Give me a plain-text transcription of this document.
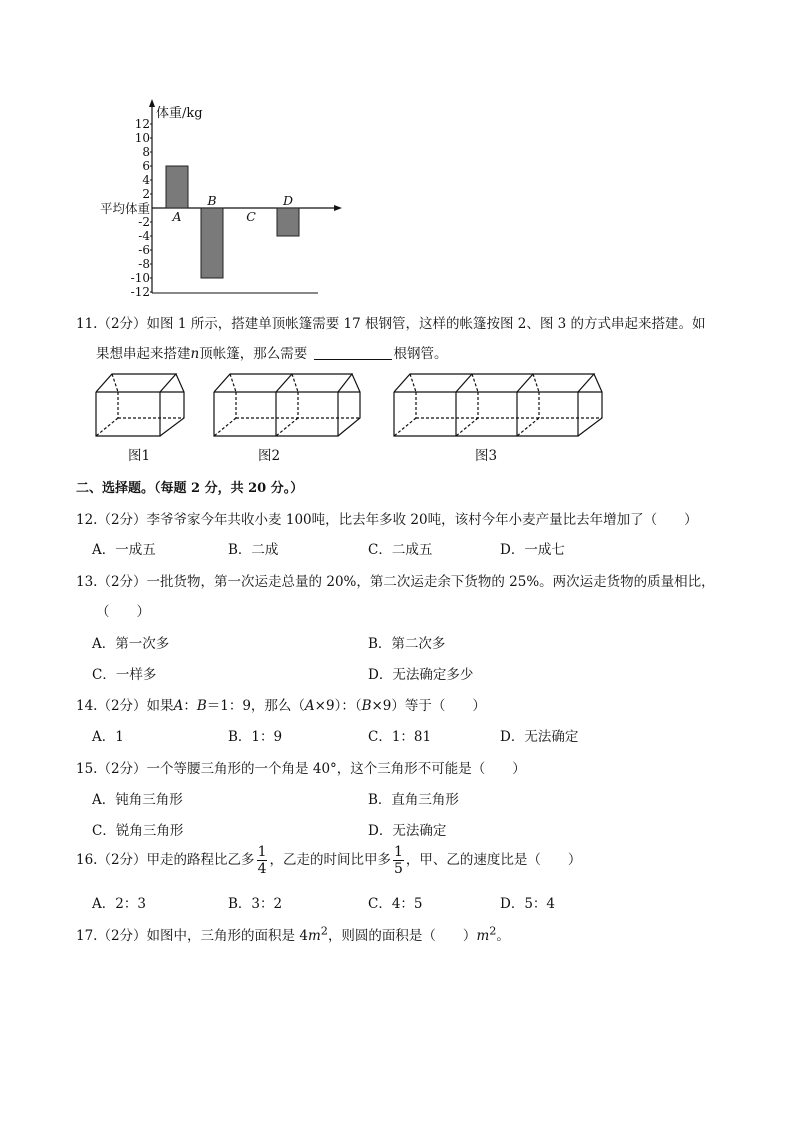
体重/kg
平均体重
12
10
8
6
4
2
-2
-4
-6
-8
-10
-12
A
B
C
D
11.（2分）如图 1 所示，搭建单顶帐篷需要 17 根钢管，这样的帐篷按图 2、图 3 的方式串起来搭建。如
果想串起来搭建n顶帐篷，那么需要	根钢管。
图1	图2	图3
二、选择题。（每题 2 分，共 20 分。）
12.（2分）李爷爷家今年共收小麦 100吨，比去年多收 20吨，该村今年小麦产量比去年增加了（　　）
A．一成五	B．二成	C．二成五	D．一成七
13.（2分）一批货物，第一次运走总量的 20%，第二次运走余下货物的 25%。两次运走货物的质量相比，
（　　）
A．第一次多	B．第二次多
C．一样多	D．无法确定多少
14.（2分）如果A：B＝1：9，那么（A×9）：（B×9）等于（　　）
A．1	B．1：9	C．1：81	D．无法确定
15.（2分）一个等腰三角形的一个角是 40°，这个三角形不可能是（　　）
A．钝角三角形	B．直角三角形
C．锐角三角形	D．无法确定
16.（2分）甲走的路程比乙多 $\frac{1}{4}$ ，乙走的时间比甲多 $\frac{1}{5}$ ，甲、乙的速度比是（　　）
A．2：3	B．3：2	C．4：5	D．5：4
17.（2分）如图中，三角形的面积是 $4m^2$，则圆的面积是（　　）$m^2$。
